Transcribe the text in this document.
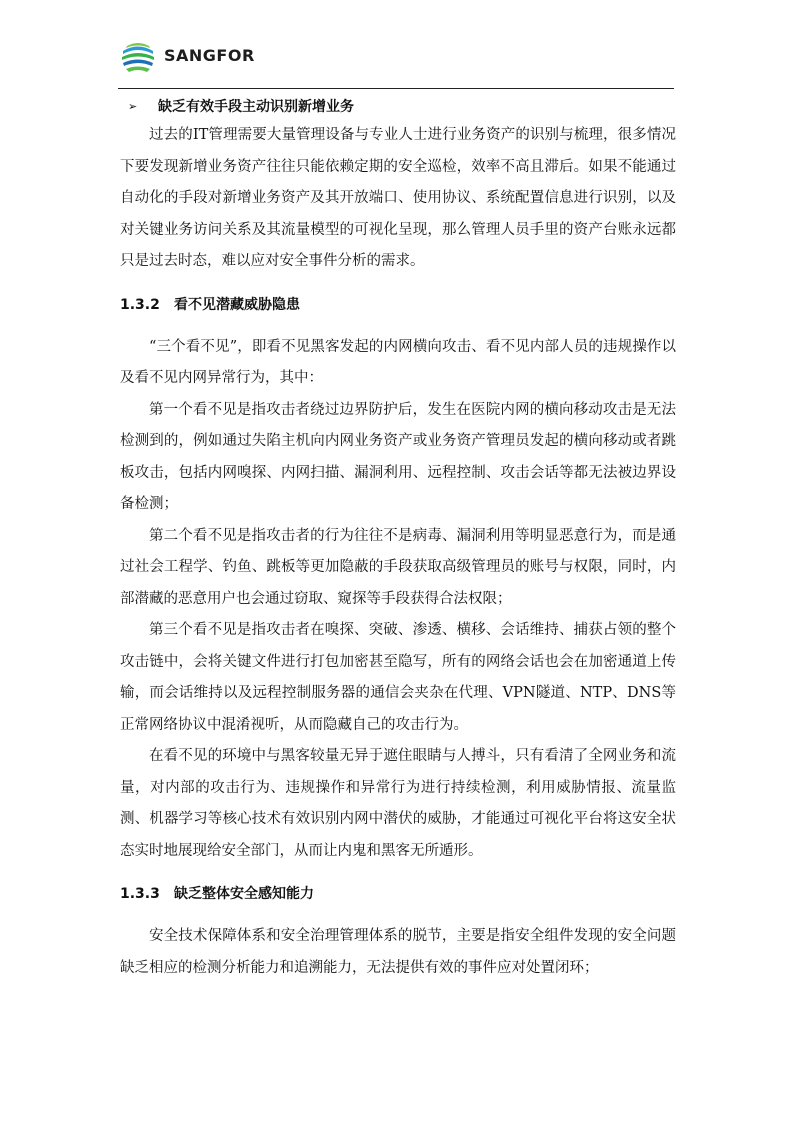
SANGFOR
➢ 缺乏有效手段主动识别新增业务

过去的IT管理需要大量管理设备与专业人士进行业务资产的识别与梳理，很多情况下要发现新增业务资产往往只能依赖定期的安全巡检，效率不高且滞后。如果不能通过自动化的手段对新增业务资产及其开放端口、使用协议、系统配置信息进行识别，以及对关键业务访问关系及其流量模型的可视化呈现，那么管理人员手里的资产台账永远都只是过去时态，难以应对安全事件分析的需求。

1.3.2 看不见潜藏威胁隐患

“三个看不见”，即看不见黑客发起的内网横向攻击、看不见内部人员的违规操作以及看不见内网异常行为，其中：

第一个看不见是指攻击者绕过边界防护后，发生在医院内网的横向移动攻击是无法检测到的，例如通过失陷主机向内网业务资产或业务资产管理员发起的横向移动或者跳板攻击，包括内网嗅探、内网扫描、漏洞利用、远程控制、攻击会话等都无法被边界设备检测；

第二个看不见是指攻击者的行为往往不是病毒、漏洞利用等明显恶意行为，而是通过社会工程学、钓鱼、跳板等更加隐蔽的手段获取高级管理员的账号与权限，同时，内部潜藏的恶意用户也会通过窃取、窥探等手段获得合法权限；

第三个看不见是指攻击者在嗅探、突破、渗透、横移、会话维持、捕获占领的整个攻击链中，会将关键文件进行打包加密甚至隐写，所有的网络会话也会在加密通道上传输，而会话维持以及远程控制服务器的通信会夹杂在代理、VPN隧道、NTP、DNS等正常网络协议中混淆视听，从而隐藏自己的攻击行为。

在看不见的环境中与黑客较量无异于遮住眼睛与人搏斗，只有看清了全网业务和流量，对内部的攻击行为、违规操作和异常行为进行持续检测，利用威胁情报、流量监测、机器学习等核心技术有效识别内网中潜伏的威胁，才能通过可视化平台将这安全状态实时地展现给安全部门，从而让内鬼和黑客无所遁形。

1.3.3 缺乏整体安全感知能力

安全技术保障体系和安全治理管理体系的脱节，主要是指安全组件发现的安全问题缺乏相应的检测分析能力和追溯能力，无法提供有效的事件应对处置闭环；
